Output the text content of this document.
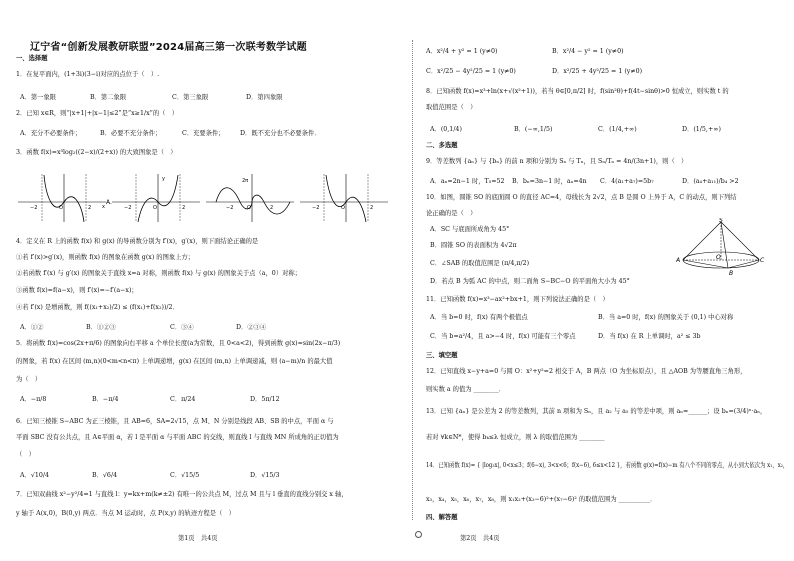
辽宁省“创新发展教研联盟”2024届高三第一次联考数学试题
一、选择题
1．在复平面内，(1+3i)(3−i)对应的点位于（　）.
A．第一象限	B．第二象限	C．第三象限	D．第四象限
2．已知 x∈R，则“|x+1|+|x−1|≤2”是“x≥1/x”的（　）
A．充分不必要条件；	B．必要不充分条件；	C．充要条件；	D．既不充分也不必要条件．
3．函数 f(x)=x³log₂((2−x)/(2+x)) 的大致图象是（　）
−2	O	2 x
A.
−2	O	2
y
−2	O	2
2π
−2	O	2
4．定义在 R 上的函数 f(x) 和 g(x) 的导函数分别为 f′(x)，g′(x)，则下面结论正确的是
①若 f′(x)>g′(x)，则函数 f(x) 的图象在函数 g(x) 的图象上方；
②若函数 f′(x) 与 g′(x) 的图象关于直线 x=a 对称，则函数 f(x) 与 g(x) 的图象关于点（a，0）对称；
③函数 f(x)=f(a−x)，则 f′(x)=−f′(a−x)；
④若 f′(x) 是增函数，则 f((x₁+x₂)/2) ≤ (f(x₁)+f(x₂))/2．
A．①②	B．①②③	C．③④	D．②③④
5．将函数 f(x)=cos(2x+π/6) 的图象向右平移 a 个单位长度(a为常数，且 0<a<2)，得到函数 g(x)=sin(2x−π/3)
的图象，若 f(x) 在区间 (m,n)(0<m<n<π) 上单调递增，g(x) 在区间 (m,n) 上单调递减，则 (a−m)/n 的最大值
为（　）
A．−π/8	B．−π/4	C．π/24	D．5π/12
6．已知三棱锥 S−ABC 为正三棱锥，且 AB=6，SA=2√15，点 M、N 分别是线段 AB、SB 的中点，平面 α 与
平面 SBC 没有公共点，且 A∈平面 α，若 l 是平面 α 与平面 ABC 的交线，则直线 l 与直线 MN 所成角的正切值为
（　）
A．√10/4	B．√6/4	C．√15/5	D．√15/3
7．已知双曲线 x²−y²/4=1 与直线 l：y=kx+m(k≠±2) 有唯一的公共点 M，过点 M 且与 l 垂直的直线分别交 x 轴，
y 轴于 A(x,0)，B(0,y) 两点．当点 M 运动时，点 P(x,y) 的轨迹方程是（　）
第1页　共4页
A．x²/4 + y² = 1 (y≠0)	B．x²/4 − y² = 1 (y≠0)
C．x²/25 − 4y²/25 = 1 (y≠0)	D．x²/25 + 4y²/25 = 1 (y≠0)
8．已知函数 f(x)=x³+ln(x+√(x²+1))，若当 θ∈[0,π/2] 时，f(sin²θ)+f(4t−sinθ)>0 恒成立，则实数 t 的
取值范围是（　）
A．(0,1/4)	B．(−∞,1/5)	C．(1/4,+∞)	D．(1/5,+∞)
二、多选题
9．等差数列 {aₙ} 与 {bₙ} 的前 n 项和分别为 Sₙ 与 Tₙ，且 Sₙ/Tₙ = 4n/(3n+1)，则（　）
A．aₙ=2n−1 时，T₅=52	B．bₙ=3n−1 时，aₙ=4n	C．4(a₁+a₇)=5b₇	D．(a₄+a₁₁)/b₄ >2
10．如图，圆锥 SO 的底面圆 O 的直径 AC=4，母线长为 2√2，点 B 是圆 O 上异于 A，C 的动点，则下列结
论正确的是（　）
A．SC 与底面所成角为 45°
B．圆锥 SO 的表面积为 4√2π
C．∠SAB 的取值范围是 (π/4,π/2)
D．若点 B 为弧 AC 的中点，则二面角 S−BC−O 的平面角大小为 45°
S
A	O
B
C
11．已知函数 f(x)=x³−ax²+bx+1，则下列说法正确的是（　）
A．当 b=0 时，f(x) 有两个极值点	B．当 a=0 时，f(x) 的图象关于 (0,1) 中心对称
C．当 b=a²/4，且 a>−4 时，f(x) 可能有三个零点	D．当 f(x) 在 R 上单调时，a² ≤ 3b
三、填空题
12．已知直线 x−y+a=0 与圆 O：x²+y²=2 相交于 A，B 两点（O 为坐标原点），且 △AOB 为等腰直角三角形，
则实数 a 的值为 ________．
13．已知 {aₙ} 是公差为 2 的等差数列，其前 n 项和为 Sₙ，且 a₂ 与 a₅ 的等差中项，则 aₙ=______；设 bₙ=(3/4)ⁿ·aₙ，
若对 ∀k∈N*，使得 bₖ≤λ 恒成立，则 λ 的取值范围为 ________
14．已知函数 f(x)= { |log₃x|, 0<x≤3；f(6−x), 3<x<6；f(x−6), 6≤x<12 }，若函数 g(x)=f(x)−m 有八个不同的零点，从小到大依次为 x₁，x₂，
x₃，x₄，x₅，x₆，x₇，x₈，则 x₁x₂+(x₃−6)²+(x₇−6)² 的取值范围为 __________．
四、解答题
第2页　共4页
